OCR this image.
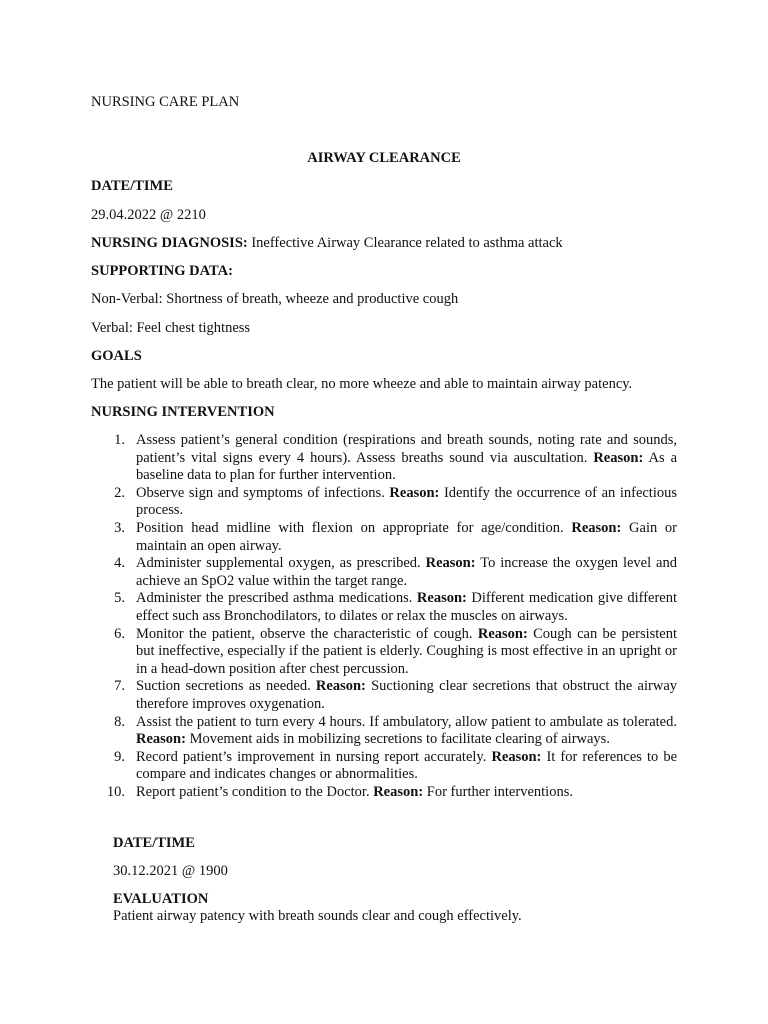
NURSING CARE PLAN

AIRWAY CLEARANCE

DATE/TIME

29.04.2022 @ 2210

NURSING DIAGNOSIS: Ineffective Airway Clearance related to asthma attack

SUPPORTING DATA:

Non-Verbal: Shortness of breath, wheeze and productive cough

Verbal: Feel chest tightness

GOALS

The patient will be able to breath clear, no more wheeze and able to maintain airway patency.

NURSING INTERVENTION

1. Assess patient’s general condition (respirations and breath sounds, noting rate and sounds, patient’s vital signs every 4 hours). Assess breaths sound via auscultation. Reason: As a baseline data to plan for further intervention.
2. Observe sign and symptoms of infections. Reason: Identify the occurrence of an infectious process.
3. Position head midline with flexion on appropriate for age/condition. Reason: Gain or maintain an open airway.
4. Administer supplemental oxygen, as prescribed. Reason: To increase the oxygen level and achieve an SpO2 value within the target range.
5. Administer the prescribed asthma medications. Reason: Different medication give different effect such ass Bronchodilators, to dilates or relax the muscles on airways.
6. Monitor the patient, observe the characteristic of cough. Reason: Cough can be persistent but ineffective, especially if the patient is elderly. Coughing is most effective in an upright or in a head-down position after chest percussion.
7. Suction secretions as needed. Reason: Suctioning clear secretions that obstruct the airway therefore improves oxygenation.
8. Assist the patient to turn every 4 hours. If ambulatory, allow patient to ambulate as tolerated. Reason: Movement aids in mobilizing secretions to facilitate clearing of airways.
9. Record patient’s improvement in nursing report accurately. Reason: It for references to be compare and indicates changes or abnormalities.
10. Report patient’s condition to the Doctor. Reason: For further interventions.

DATE/TIME

30.12.2021 @ 1900

EVALUATION

Patient airway patency with breath sounds clear and cough effectively.
